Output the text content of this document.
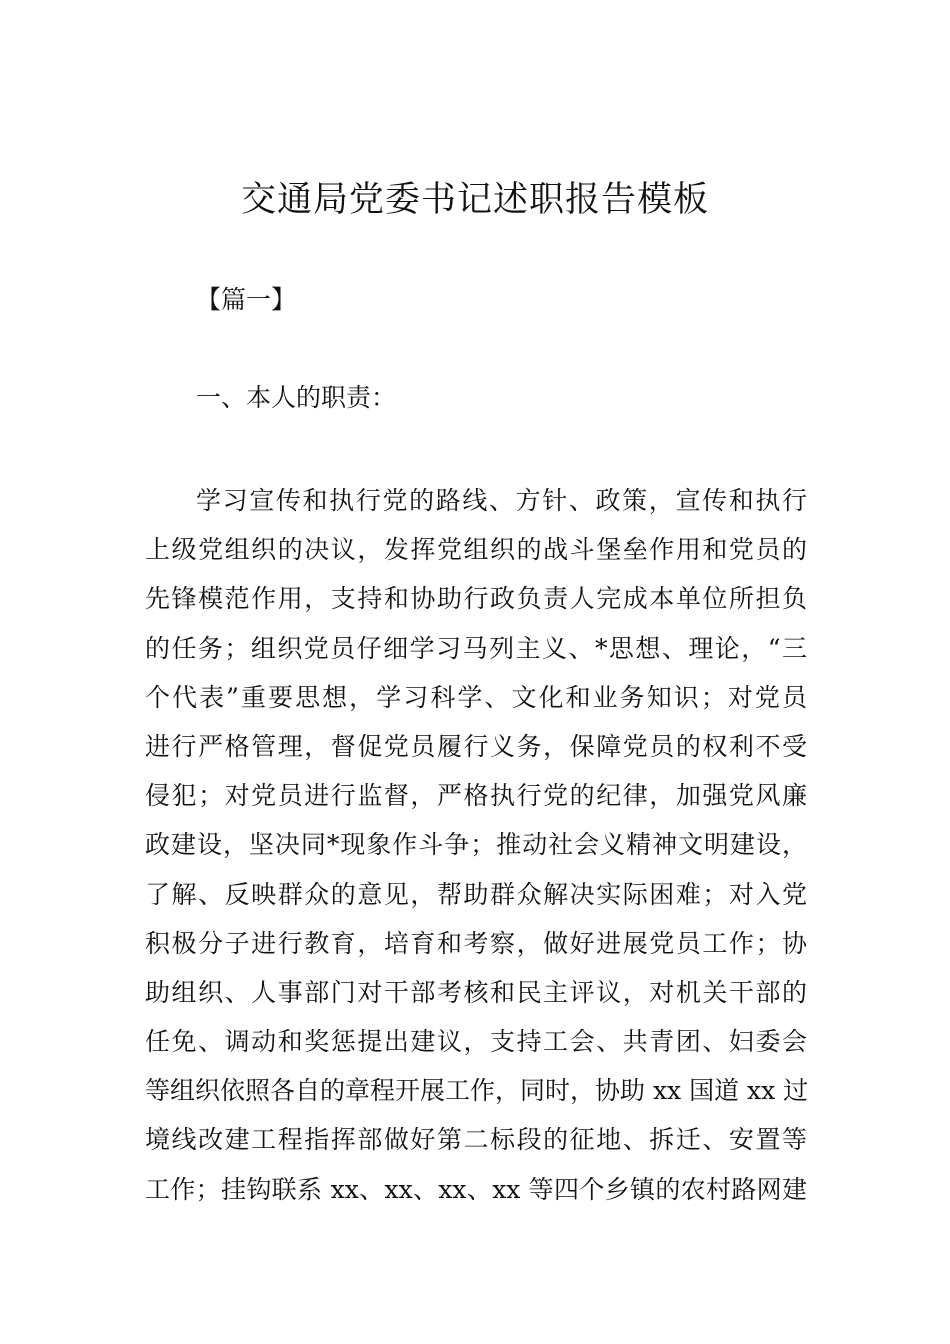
交通局党委书记述职报告模板

【篇一】

一、本人的职责：

学习宣传和执行党的路线、方针、政策，宣传和执行
上级党组织的决议，发挥党组织的战斗堡垒作用和党员的
先锋模范作用，支持和协助行政负责人完成本单位所担负
的任务；组织党员仔细学习马列主义、*思想、理论，“三
个代表”重要思想，学习科学、文化和业务知识；对党员
进行严格管理，督促党员履行义务，保障党员的权利不受
侵犯；对党员进行监督，严格执行党的纪律，加强党风廉
政建设，坚决同*现象作斗争；推动社会义精神文明建设，
了解、反映群众的意见，帮助群众解决实际困难；对入党
积极分子进行教育，培育和考察，做好进展党员工作；协
助组织、人事部门对干部考核和民主评议，对机关干部的
任免、调动和奖惩提出建议，支持工会、共青团、妇委会
等组织依照各自的章程开展工作，同时，协助 xx 国道 xx 过
境线改建工程指挥部做好第二标段的征地、拆迁、安置等
工作；挂钩联系 xx、xx、xx、xx 等四个乡镇的农村路网建
